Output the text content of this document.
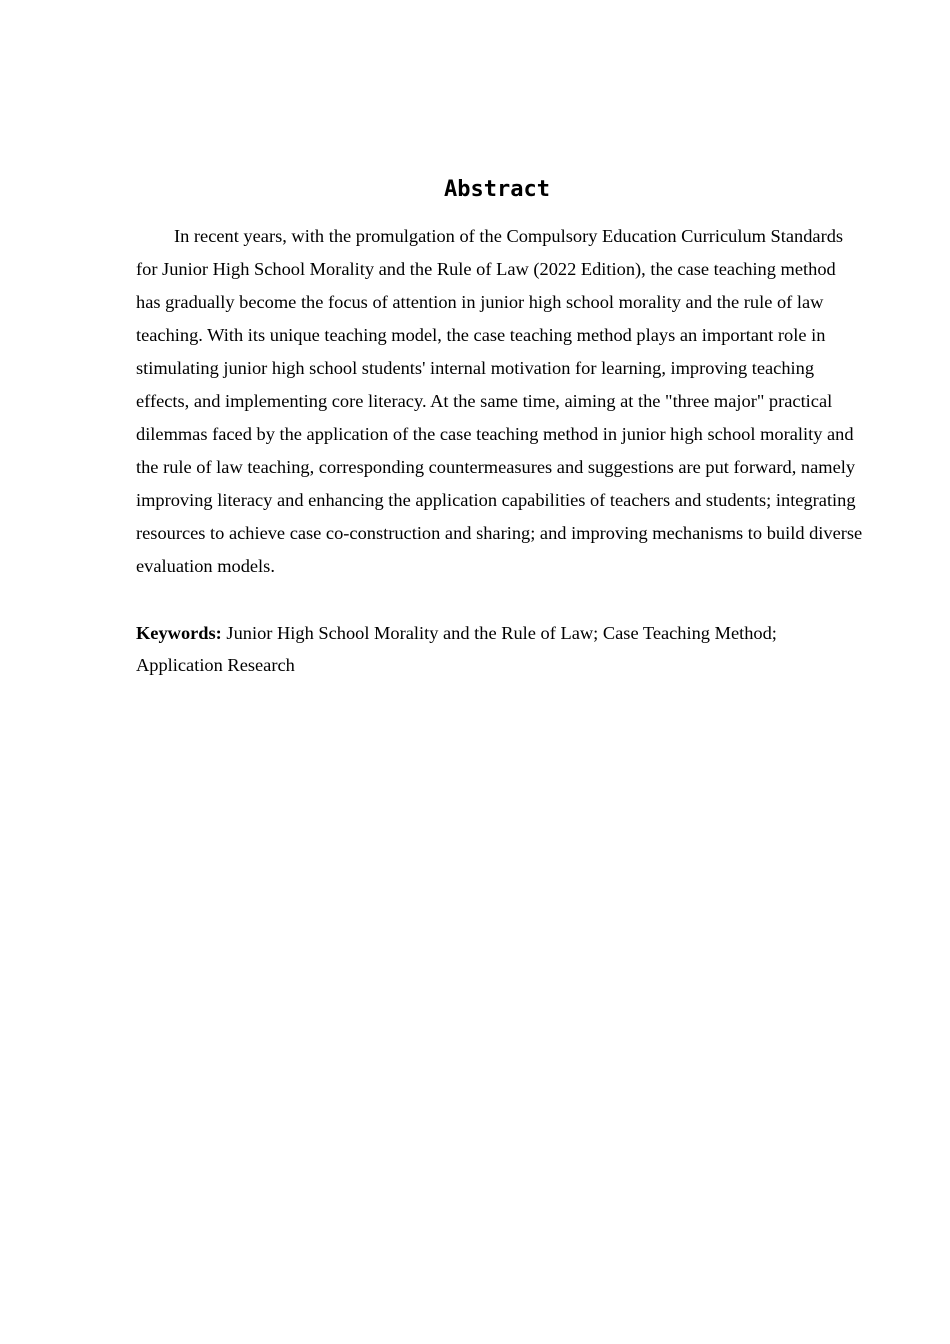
Abstract

In recent years, with the promulgation of the Compulsory Education Curriculum Standards for Junior High School Morality and the Rule of Law (2022 Edition), the case teaching method has gradually become the focus of attention in junior high school morality and the rule of law teaching. With its unique teaching model, the case teaching method plays an important role in stimulating junior high school students' internal motivation for learning, improving teaching effects, and implementing core literacy. At the same time, aiming at the "three major" practical dilemmas faced by the application of the case teaching method in junior high school morality and the rule of law teaching, corresponding countermeasures and suggestions are put forward, namely improving literacy and enhancing the application capabilities of teachers and students; integrating resources to achieve case co-construction and sharing; and improving mechanisms to build diverse evaluation models.

Keywords: Junior High School Morality and the Rule of Law; Case Teaching Method; Application Research
